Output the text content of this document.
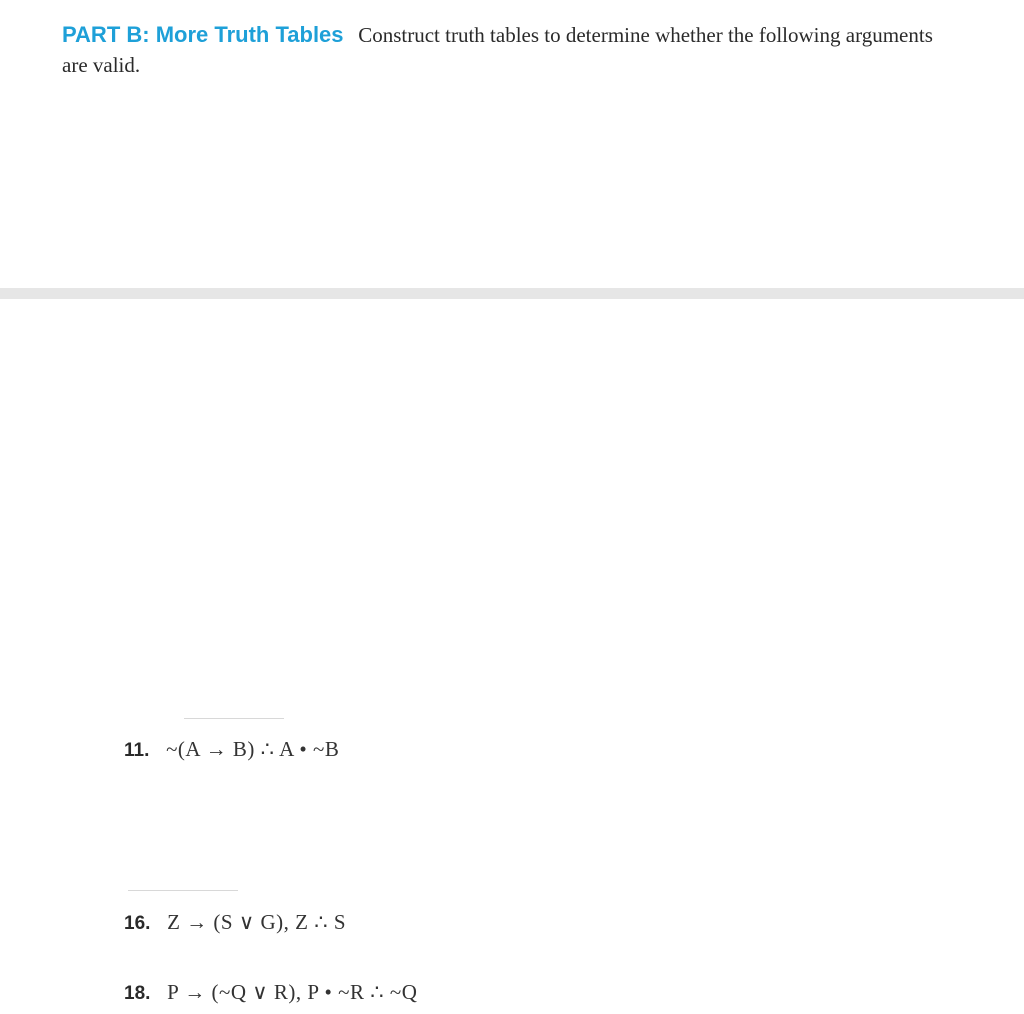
PART B: More Truth Tables Construct truth tables to determine whether the following arguments are valid.
11. ~(A → B) ∴ A • ~B
16. Z → (S ∨ G), Z ∴ S
18. P → (~Q ∨ R), P • ~R ∴ ~Q
